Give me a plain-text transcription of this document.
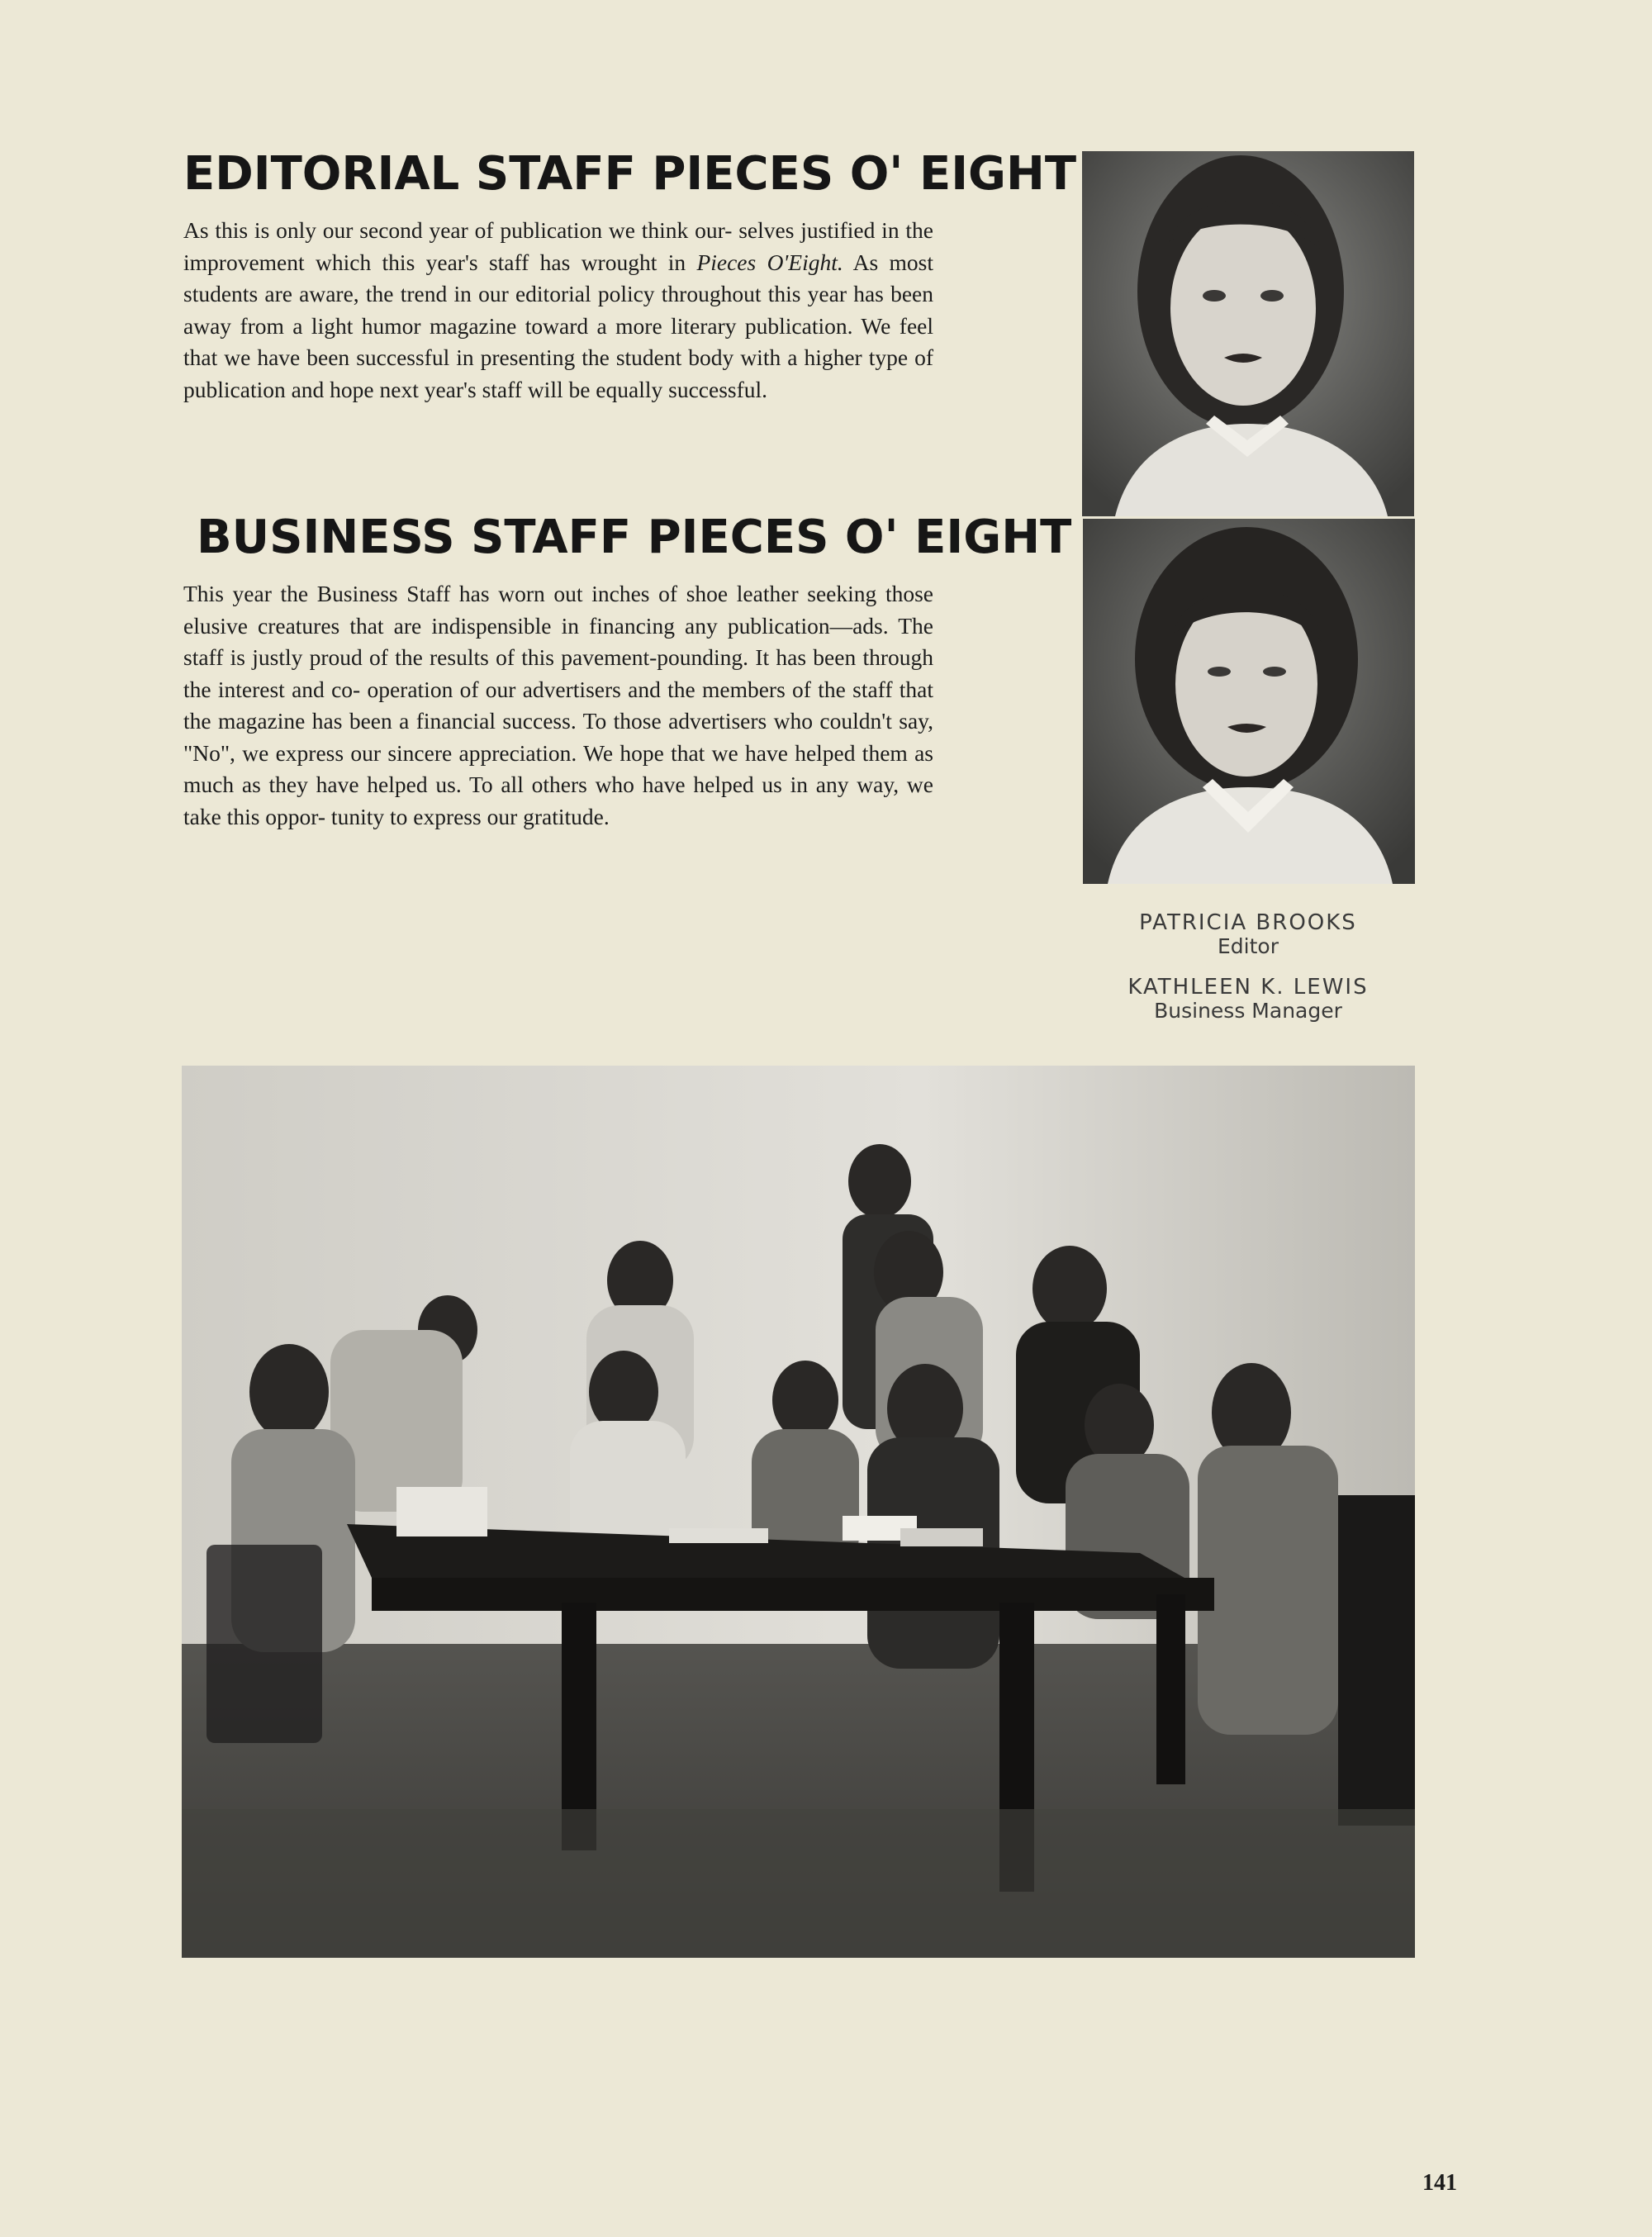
EDITORIAL STAFF PIECES O' EIGHT

As this is only our second year of publication we think our- selves justified in the improvement which this year's staff has wrought in Pieces O'Eight. As most students are aware, the trend in our editorial policy throughout this year has been away from a light humor magazine toward a more literary publication. We feel that we have been successful in presenting the student body with a higher type of publication and hope next year's staff will be equally successful.

BUSINESS STAFF PIECES O' EIGHT

This year the Business Staff has worn out inches of shoe leather seeking those elusive creatures that are indispensible in financing any publication—ads. The staff is justly proud of the results of this pavement-pounding. It has been through the interest and co- operation of our advertisers and the members of the staff that the magazine has been a financial success. To those advertisers who couldn't say, "No", we express our sincere appreciation. We hope that we have helped them as much as they have helped us. To all others who have helped us in any way, we take this oppor- tunity to express our gratitude.

PATRICIA BROOKS
Editor

KATHLEEN K. LEWIS
Business Manager

141
